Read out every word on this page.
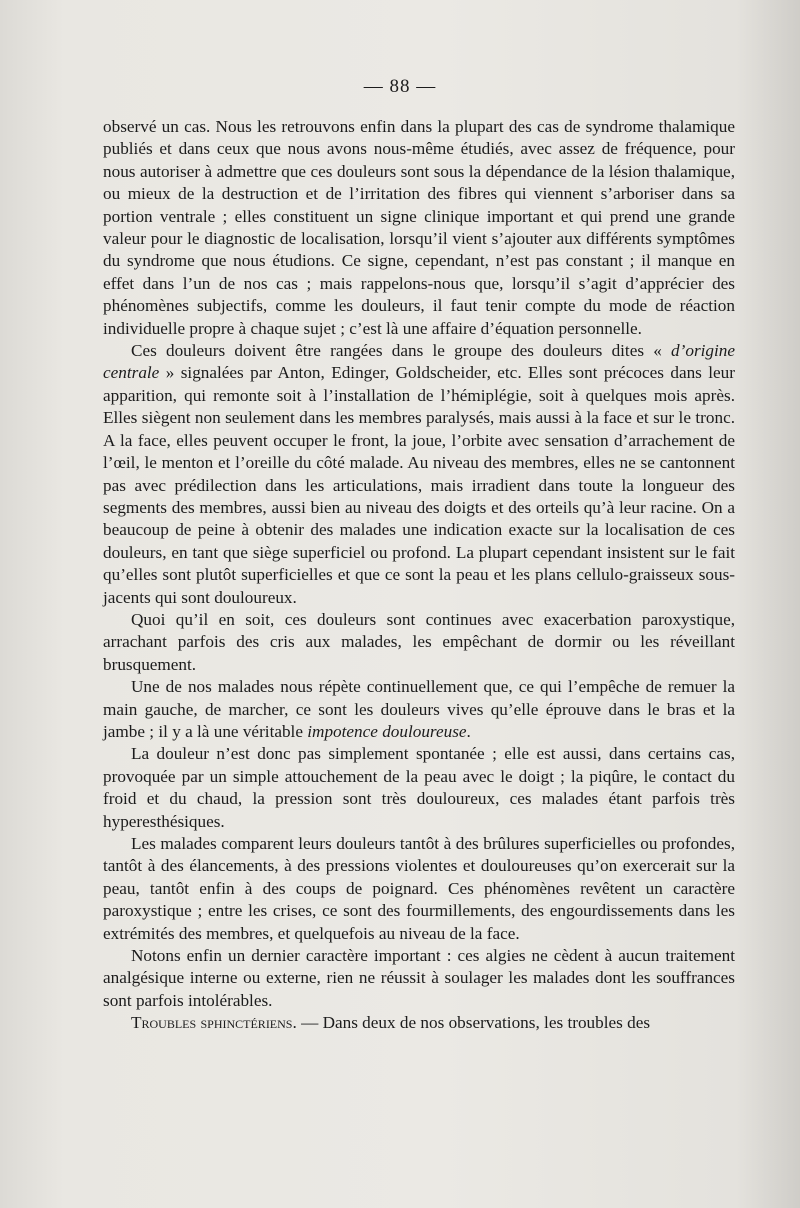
— 88 —

observé un cas. Nous les retrouvons enfin dans la plupart des cas de syndrome thalamique publiés et dans ceux que nous avons nous-même étudiés, avec assez de fréquence, pour nous autoriser à admettre que ces douleurs sont sous la dépendance de la lésion thalamique, ou mieux de la destruction et de l’irritation des fibres qui viennent s’arboriser dans sa portion ventrale ; elles constituent un signe clinique important et qui prend une grande valeur pour le diagnostic de localisation, lorsqu’il vient s’ajouter aux différents symptômes du syndrome que nous étudions. Ce signe, cependant, n’est pas constant ; il manque en effet dans l’un de nos cas ; mais rappelons-nous que, lorsqu’il s’agit d’apprécier des phénomènes subjectifs, comme les douleurs, il faut tenir compte du mode de réaction individuelle propre à chaque sujet ; c’est là une affaire d’équation personnelle.

Ces douleurs doivent être rangées dans le groupe des douleurs dites « d’origine centrale » signalées par Anton, Edinger, Goldscheider, etc. Elles sont précoces dans leur apparition, qui remonte soit à l’installation de l’hémiplégie, soit à quelques mois après. Elles siègent non seulement dans les membres paralysés, mais aussi à la face et sur le tronc. A la face, elles peuvent occuper le front, la joue, l’orbite avec sensation d’arrachement de l’œil, le menton et l’oreille du côté malade. Au niveau des membres, elles ne se cantonnent pas avec prédilection dans les articulations, mais irradient dans toute la longueur des segments des membres, aussi bien au niveau des doigts et des orteils qu’à leur racine. On a beaucoup de peine à obtenir des malades une indication exacte sur la localisation de ces douleurs, en tant que siège superficiel ou profond. La plupart cependant insistent sur le fait qu’elles sont plutôt superficielles et que ce sont la peau et les plans cellulo-graisseux sous-jacents qui sont douloureux.

Quoi qu’il en soit, ces douleurs sont continues avec exacerbation paroxystique, arrachant parfois des cris aux malades, les empêchant de dormir ou les réveillant brusquement.

Une de nos malades nous répète continuellement que, ce qui l’empêche de remuer la main gauche, de marcher, ce sont les douleurs vives qu’elle éprouve dans le bras et la jambe ; il y a là une véritable impotence douloureuse.

La douleur n’est donc pas simplement spontanée ; elle est aussi, dans certains cas, provoquée par un simple attouchement de la peau avec le doigt ; la piqûre, le contact du froid et du chaud, la pression sont très douloureux, ces malades étant parfois très hyperesthésiques.

Les malades comparent leurs douleurs tantôt à des brûlures superficielles ou profondes, tantôt à des élancements, à des pressions violentes et douloureuses qu’on exercerait sur la peau, tantôt enfin à des coups de poignard. Ces phénomènes revêtent un caractère paroxystique ; entre les crises, ce sont des fourmillements, des engourdissements dans les extrémités des membres, et quelquefois au niveau de la face.

Notons enfin un dernier caractère important : ces algies ne cèdent à aucun traitement analgésique interne ou externe, rien ne réussit à soulager les malades dont les souffrances sont parfois intolérables.

Troubles sphinctériens. — Dans deux de nos observations, les troubles des
